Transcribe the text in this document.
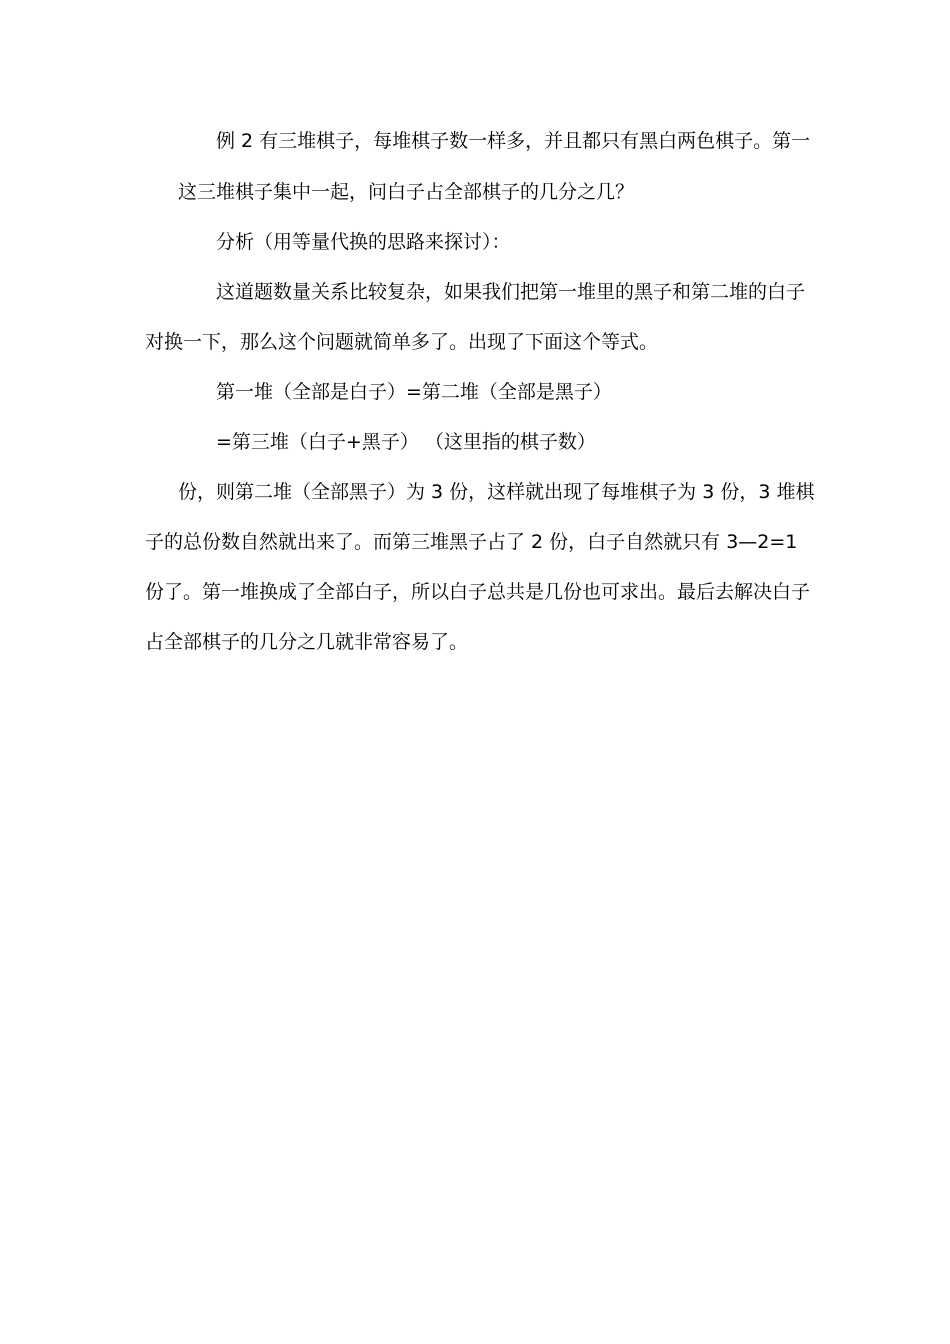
例 2 有三堆棋子，每堆棋子数一样多，并且都只有黑白两色棋子。第一
这三堆棋子集中一起，问白子占全部棋子的几分之几？
分析（用等量代换的思路来探讨）：
这道题数量关系比较复杂，如果我们把第一堆里的黑子和第二堆的白子
对换一下，那么这个问题就简单多了。出现了下面这个等式。
第一堆（全部是白子）=第二堆（全部是黑子）
=第三堆（白子+黑子） （这里指的棋子数）
份，则第二堆（全部黑子）为 3 份，这样就出现了每堆棋子为 3 份，3 堆棋
子的总份数自然就出来了。而第三堆黑子占了 2 份，白子自然就只有 3—2=1
份了。第一堆换成了全部白子，所以白子总共是几份也可求出。最后去解决白子
占全部棋子的几分之几就非常容易了。
